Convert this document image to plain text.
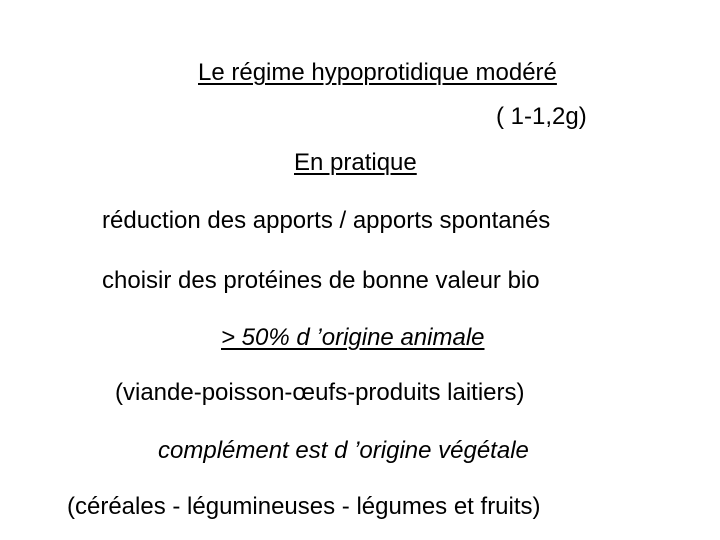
Le régime hypoprotidique modéré
( 1-1,2g)
En pratique
réduction des apports / apports spontanés
choisir des protéines de bonne valeur bio
> 50% d ’origine animale
(viande-poisson-œufs-produits laitiers)
complément est d ’origine végétale
(céréales - légumineuses - légumes et fruits)
